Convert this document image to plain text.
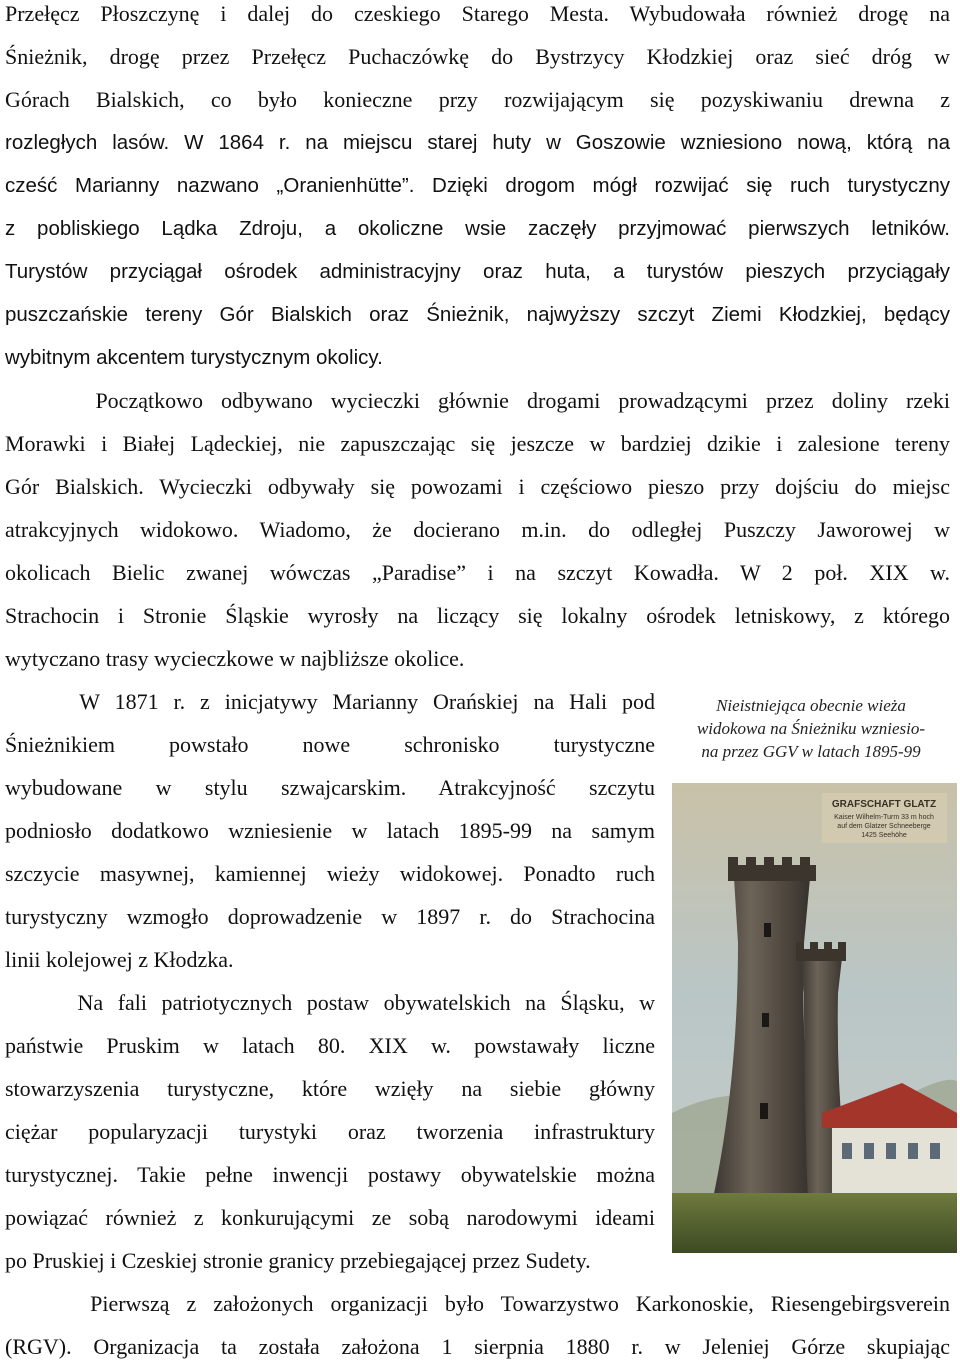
Przełęcz Płoszczynę i dalej do czeskiego Starego Mesta. Wybudowała również drogę na

Śnieżnik, drogę przez Przełęcz Puchaczówkę do Bystrzycy Kłodzkiej oraz sieć dróg w

Górach Bialskich, co było konieczne przy rozwijającym się pozyskiwaniu drewna z

rozległych lasów. W 1864 r. na miejscu starej huty w Goszowie wzniesiono nową, którą na

cześć Marianny nazwano „Oranienhütte”. Dzięki drogom mógł rozwijać się ruch turystyczny

z pobliskiego Lądka Zdroju, a okoliczne wsie zaczęły przyjmować pierwszych letników.

Turystów przyciągał ośrodek administracyjny oraz huta, a turystów pieszych przyciągały

puszczańskie tereny Gór Bialskich oraz Śnieżnik, najwyższy szczyt Ziemi Kłodzkiej, będący

wybitnym akcentem turystycznym okolicy.

Początkowo odbywano wycieczki głównie drogami prowadzącymi przez doliny rzeki

Morawki i Białej Lądeckiej, nie zapuszczając się jeszcze w bardziej dzikie i zalesione tereny

Gór Bialskich. Wycieczki odbywały się powozami i częściowo pieszo przy dojściu do miejsc

atrakcyjnych widokowo. Wiadomo, że docierano m.in. do odległej Puszczy Jaworowej w

okolicach Bielic zwanej wówczas „Paradise” i na szczyt Kowadła. W 2 poł. XIX w.

Strachocin i Stronie Śląskie wyrosły na liczący się lokalny ośrodek letniskowy, z którego

wytyczano trasy wycieczkowe w najbliższe okolice.

W 1871 r. z inicjatywy Marianny Orańskiej na Hali pod

Śnieżnikiem powstało nowe schronisko turystyczne

wybudowane w stylu szwajcarskim. Atrakcyjność szczytu

podniosło dodatkowo wzniesienie w latach 1895-99 na samym

szczycie masywnej, kamiennej wieży widokowej. Ponadto ruch

turystyczny wzmogło doprowadzenie w 1897 r. do Strachocina

linii kolejowej z Kłodzka.

Na fali patriotycznych postaw obywatelskich na Śląsku, w

państwie Pruskim w latach 80. XIX w. powstawały liczne

stowarzyszenia turystyczne, które wzięły na siebie główny

ciężar popularyzacji turystyki oraz tworzenia infrastruktury

turystycznej. Takie pełne inwencji postawy obywatelskie można

powiązać również z konkurującymi ze sobą narodowymi ideami

po Pruskiej i Czeskiej stronie granicy przebiegającej przez Sudety.

Pierwszą z założonych organizacji było Towarzystwo Karkonoskie, Riesengebirgsverein

(RGV). Organizacja ta została założona 1 sierpnia 1880 r. w Jeleniej Górze skupiając

Nieistniejąca obecnie wieża
widokowa na Śnieżniku wzniesio-
na przez GGV w latach 1895-99
GRAFSCHAFT GLATZ
Kaiser Wilhelm-Turm 33 m hoch
auf dem Glatzer Schneeberge
1425 Seehöhe
